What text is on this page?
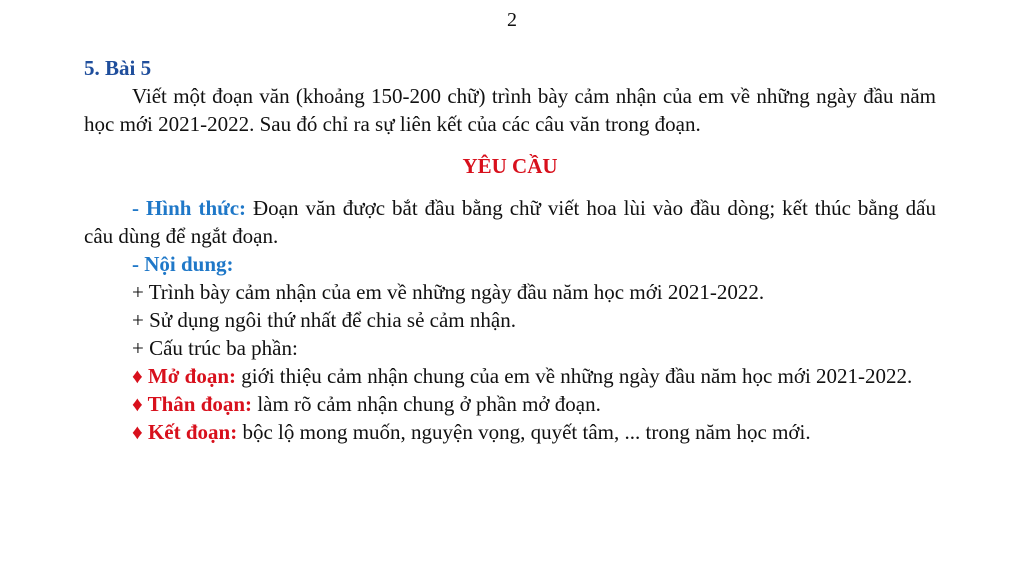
2

5. Bài 5

Viết một đoạn văn (khoảng 150-200 chữ) trình bày cảm nhận của em về những ngày đầu năm học mới 2021-2022. Sau đó chỉ ra sự liên kết của các câu văn trong đoạn.

YÊU CẦU

- Hình thức: Đoạn văn được bắt đầu bằng chữ viết hoa lùi vào đầu dòng; kết thúc bằng dấu câu dùng để ngắt đoạn.

- Nội dung:

+ Trình bày cảm nhận của em về những ngày đầu năm học mới 2021-2022.

+ Sử dụng ngôi thứ nhất để chia sẻ cảm nhận.

+ Cấu trúc ba phần:

♦ Mở đoạn: giới thiệu cảm nhận chung của em về những ngày đầu năm học mới 2021-2022.

♦ Thân đoạn: làm rõ cảm nhận chung ở phần mở đoạn.

♦ Kết đoạn: bộc lộ mong muốn, nguyện vọng, quyết tâm, ... trong năm học mới.
